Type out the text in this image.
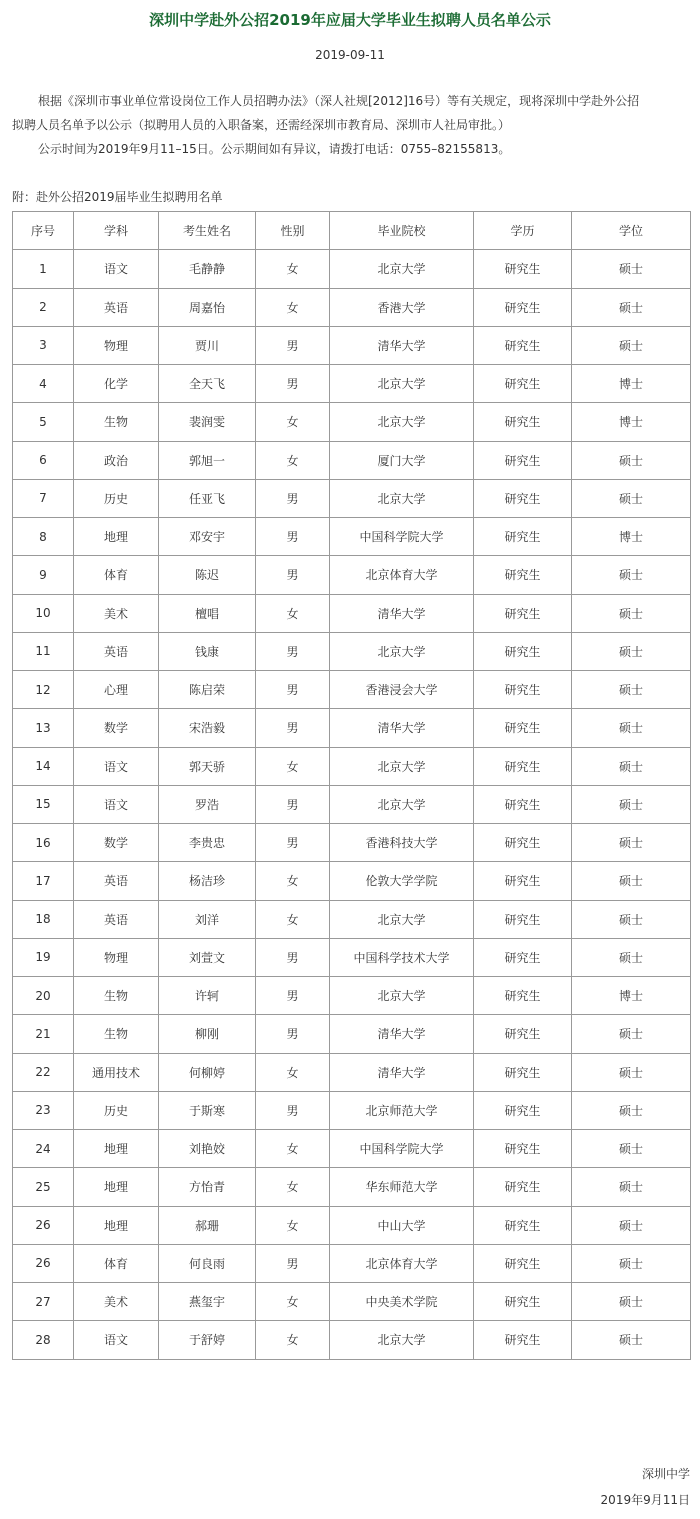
深圳中学赴外公招2019年应届大学毕业生拟聘人员名单公示
2019-09-11
根据《深圳市事业单位常设岗位工作人员招聘办法》（深人社规[2012]16号）等有关规定，现将深圳中学赴外公招
拟聘人员名单予以公示（拟聘用人员的入职备案，还需经深圳市教育局、深圳市人社局审批。）
公示时间为2019年9月11–15日。公示期间如有异议，请拨打电话：0755–82155813。
附：赴外公招2019届毕业生拟聘用名单
序号	学科	考生姓名	性别	毕业院校	学历	学位
1	语文	毛静静	女	北京大学	研究生	硕士
2	英语	周嘉怡	女	香港大学	研究生	硕士
3	物理	贾川	男	清华大学	研究生	硕士
4	化学	全天飞	男	北京大学	研究生	博士
5	生物	裴润雯	女	北京大学	研究生	博士
6	政治	郭旭一	女	厦门大学	研究生	硕士
7	历史	任亚飞	男	北京大学	研究生	硕士
8	地理	邓安宇	男	中国科学院大学	研究生	博士
9	体育	陈迟	男	北京体育大学	研究生	硕士
10	美术	檀唱	女	清华大学	研究生	硕士
11	英语	钱康	男	北京大学	研究生	硕士
12	心理	陈启荣	男	香港浸会大学	研究生	硕士
13	数学	宋浩毅	男	清华大学	研究生	硕士
14	语文	郭天骄	女	北京大学	研究生	硕士
15	语文	罗浩	男	北京大学	研究生	硕士
16	数学	李贵忠	男	香港科技大学	研究生	硕士
17	英语	杨洁珍	女	伦敦大学学院	研究生	硕士
18	英语	刘洋	女	北京大学	研究生	硕士
19	物理	刘萱文	男	中国科学技术大学	研究生	硕士
20	生物	许轲	男	北京大学	研究生	博士
21	生物	柳刚	男	清华大学	研究生	硕士
22	通用技术	何柳婷	女	清华大学	研究生	硕士
23	历史	于斯寒	男	北京师范大学	研究生	硕士
24	地理	刘艳姣	女	中国科学院大学	研究生	硕士
25	地理	方怡青	女	华东师范大学	研究生	硕士
26	地理	郝珊	女	中山大学	研究生	硕士
26	体育	何良雨	男	北京体育大学	研究生	硕士
27	美术	燕玺宇	女	中央美术学院	研究生	硕士
28	语文	于舒婷	女	北京大学	研究生	硕士
深圳中学
2019年9月11日
